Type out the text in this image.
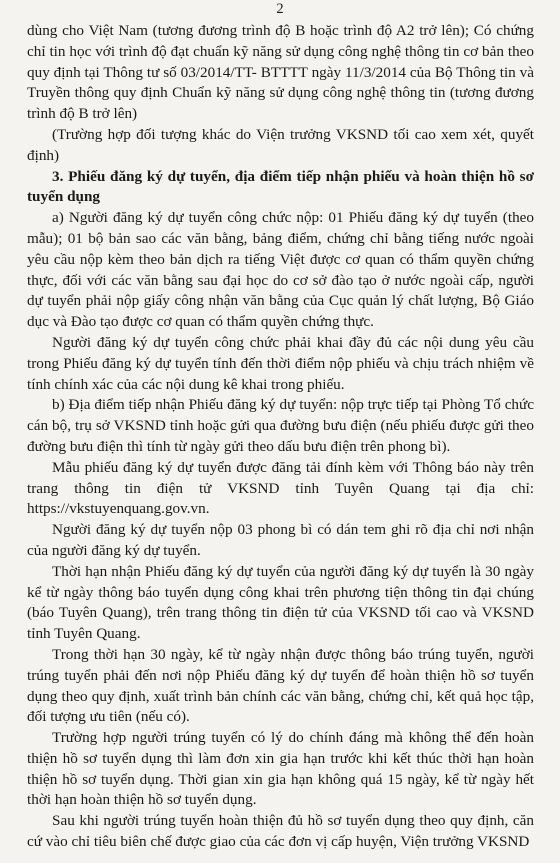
2

dùng cho Việt Nam (tương đương trình độ B hoặc trình độ A2 trở lên); Có chứng chỉ tin học với trình độ đạt chuẩn kỹ năng sử dụng công nghệ thông tin cơ bản theo quy định tại Thông tư số 03/2014/TT- BTTTT ngày 11/3/2014 của Bộ Thông tin và Truyền thông quy định Chuẩn kỹ năng sử dụng công nghệ thông tin (tương đương trình độ B trở lên)

(Trường hợp đối tượng khác do Viện trưởng VKSND tối cao xem xét, quyết định)

3. Phiếu đăng ký dự tuyển, địa điểm tiếp nhận phiếu và hoàn thiện hồ sơ tuyển dụng

a) Người đăng ký dự tuyển công chức nộp: 01 Phiếu đăng ký dự tuyển (theo mẫu); 01 bộ bản sao các văn bằng, bảng điểm, chứng chỉ bằng tiếng nước ngoài yêu cầu nộp kèm theo bản dịch ra tiếng Việt được cơ quan có thẩm quyền chứng thực, đối với các văn bằng sau đại học do cơ sở đào tạo ở nước ngoài cấp, người dự tuyển phải nộp giấy công nhận văn bằng của Cục quản lý chất lượng, Bộ Giáo dục và Đào tạo được cơ quan có thẩm quyền chứng thực.

Người đăng ký dự tuyển công chức phải khai đầy đủ các nội dung yêu cầu trong Phiếu đăng ký dự tuyển tính đến thời điểm nộp phiếu và chịu trách nhiệm về tính chính xác của các nội dung kê khai trong phiếu.

b) Địa điểm tiếp nhận Phiếu đăng ký dự tuyển: nộp trực tiếp tại Phòng Tổ chức cán bộ, trụ sở VKSND tỉnh hoặc gửi qua đường bưu điện (nếu phiếu được gửi theo đường bưu điện thì tính từ ngày gửi theo dấu bưu điện trên phong bì).

Mẫu phiếu đăng ký dự tuyển được đăng tải đính kèm với Thông báo này trên trang thông tin điện tử VKSND tỉnh Tuyên Quang tại địa chỉ: https://vkstuyenquang.gov.vn.

Người đăng ký dự tuyển nộp 03 phong bì có dán tem ghi rõ địa chỉ nơi nhận của người đăng ký dự tuyển.

Thời hạn nhận Phiếu đăng ký dự tuyển của người đăng ký dự tuyển là 30 ngày kể từ ngày thông báo tuyển dụng công khai trên phương tiện thông tin đại chúng (báo Tuyên Quang), trên trang thông tin điện tử của VKSND tối cao và VKSND tỉnh Tuyên Quang.

Trong thời hạn 30 ngày, kể từ ngày nhận được thông báo trúng tuyển, người trúng tuyển phải đến nơi nộp Phiếu đăng ký dự tuyển để hoàn thiện hồ sơ tuyển dụng theo quy định, xuất trình bản chính các văn bằng, chứng chỉ, kết quả học tập, đối tượng ưu tiên (nếu có).

Trường hợp người trúng tuyển có lý do chính đáng mà không thể đến hoàn thiện hồ sơ tuyển dụng thì làm đơn xin gia hạn trước khi kết thúc thời hạn hoàn thiện hồ sơ tuyển dụng. Thời gian xin gia hạn không quá 15 ngày, kể từ ngày hết thời hạn hoàn thiện hồ sơ tuyển dụng.

Sau khi người trúng tuyển hoàn thiện đủ hồ sơ tuyển dụng theo quy định, căn cứ vào chỉ tiêu biên chế được giao của các đơn vị cấp huyện, Viện trưởng VKSND
